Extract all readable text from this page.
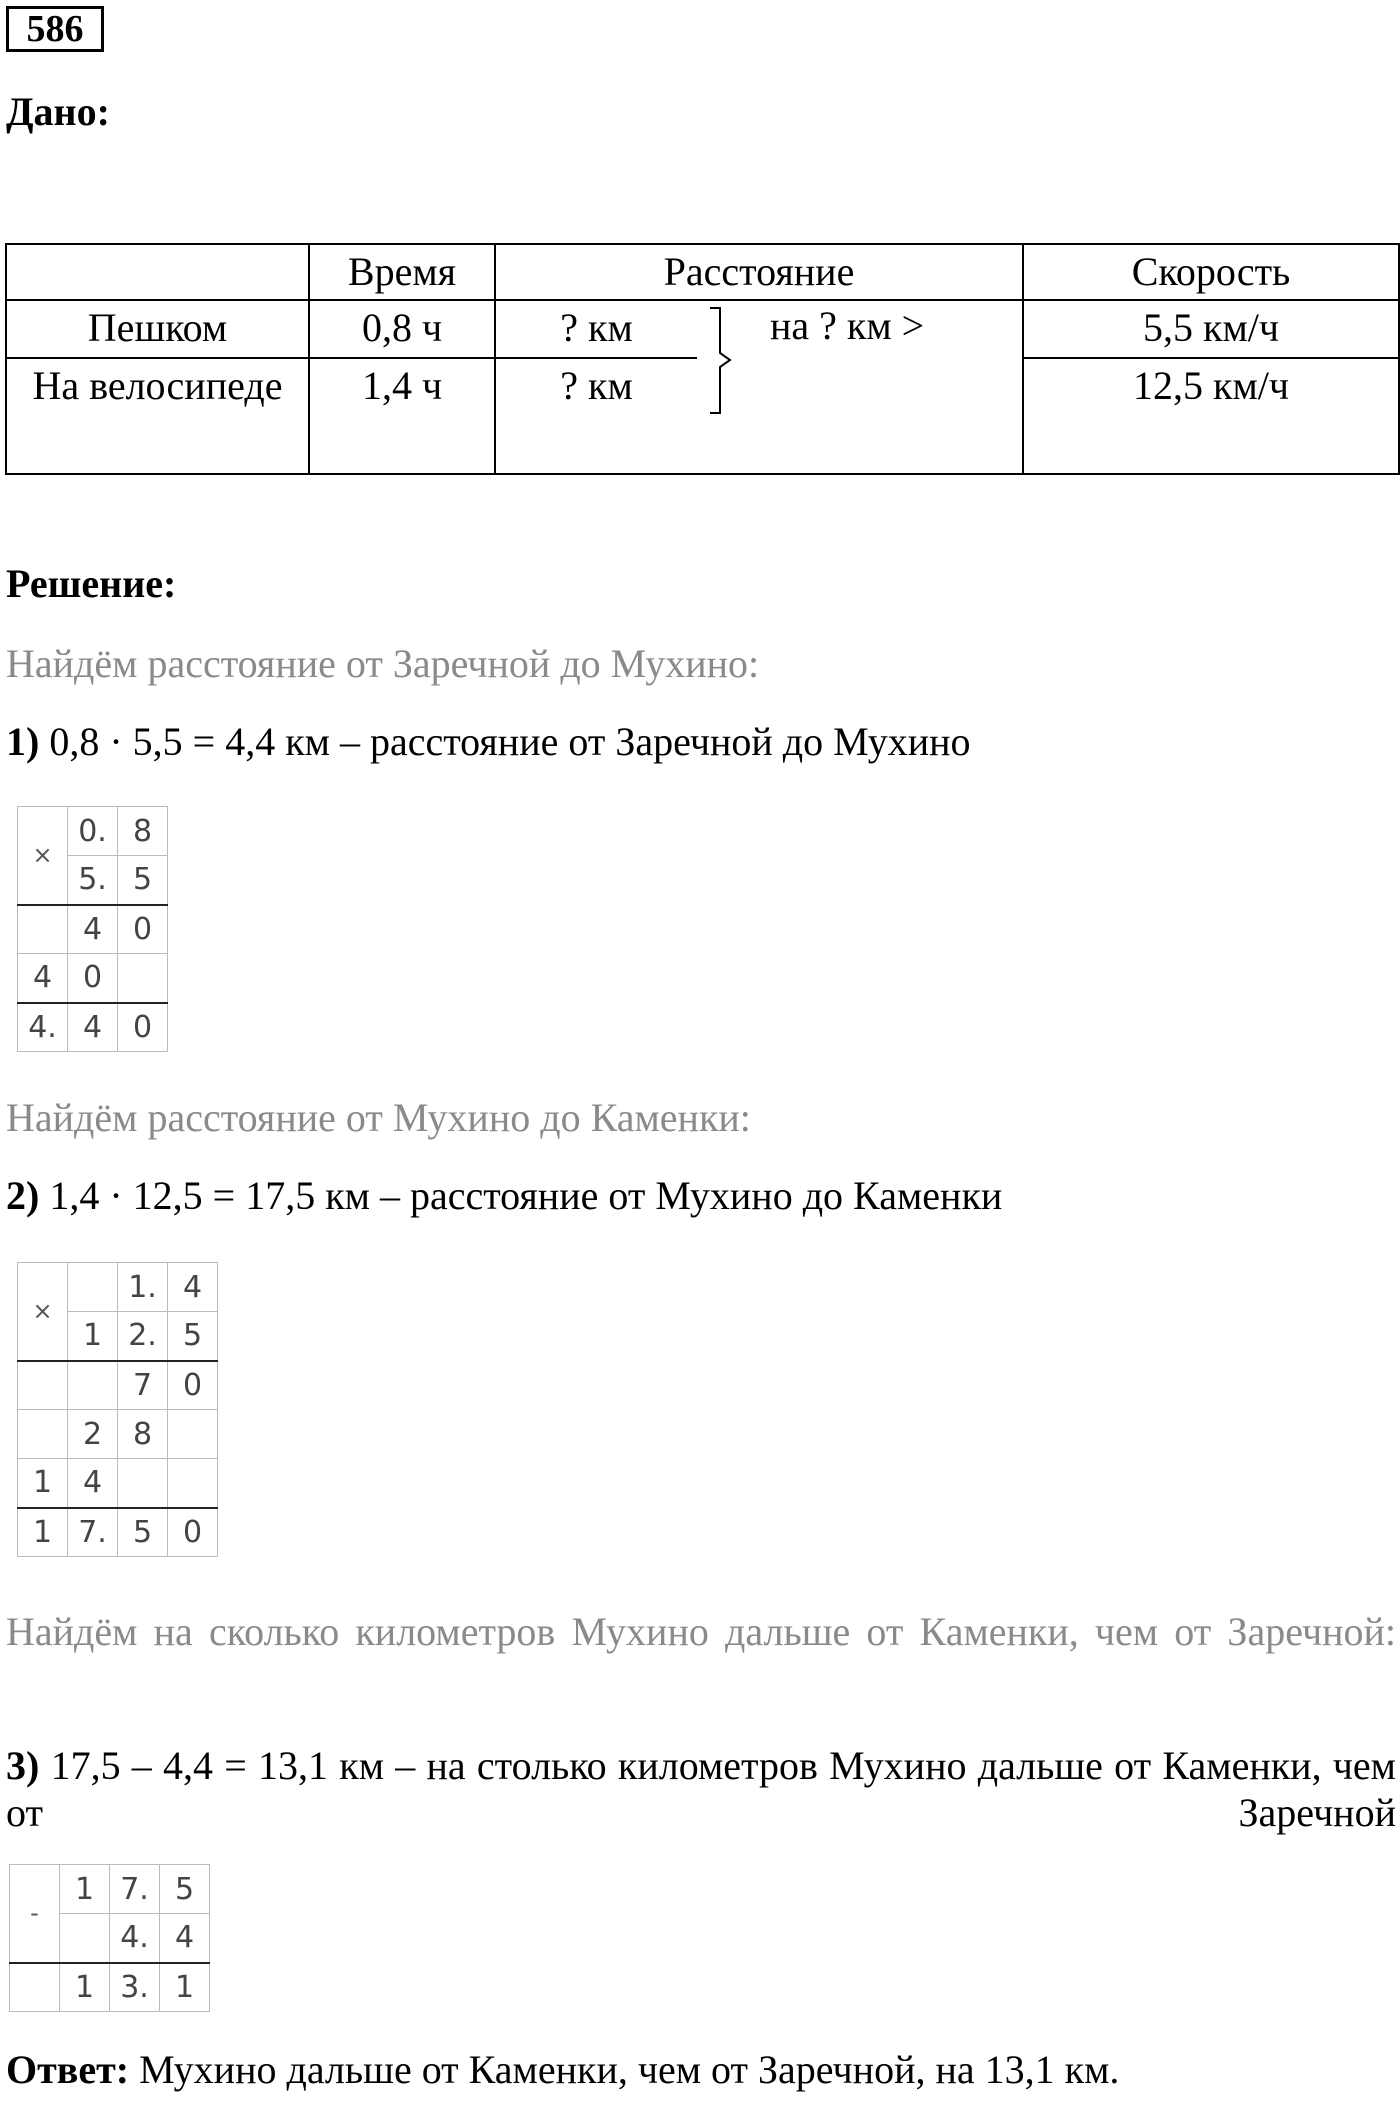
586
Дано:
	Время	Расстояние		Скорость
Пешком	0,8 ч	? км		5,5 км/ч
На велосипеде	1,4 ч	? км		12,5 км/ч
на ? км >
Решение:
Найдём расстояние от Заречной до Мухино:
1) 0,8 · 5,5 = 4,4 км – расстояние от Заречной до Мухино
×	0.	8
	5.	5
	4	0
4	0	
4.	4	0
Найдём расстояние от Мухино до Каменки:
2) 1,4 · 12,5 = 17,5 км – расстояние от Мухино до Каменки
×		1.	4
	1	2.	5
		7	0
	2	8	
1	4		
1	7.	5	0
Найдём на сколько километров Мухино дальше от Каменки, чем от Заречной:
3) 17,5 – 4,4 = 13,1 км – на столько километров Мухино дальше от Каменки, чем от Заречной
-	1	7.	5
		4.	4
	1	3.	1
Ответ: Мухино дальше от Каменки, чем от Заречной, на 13,1 км.
